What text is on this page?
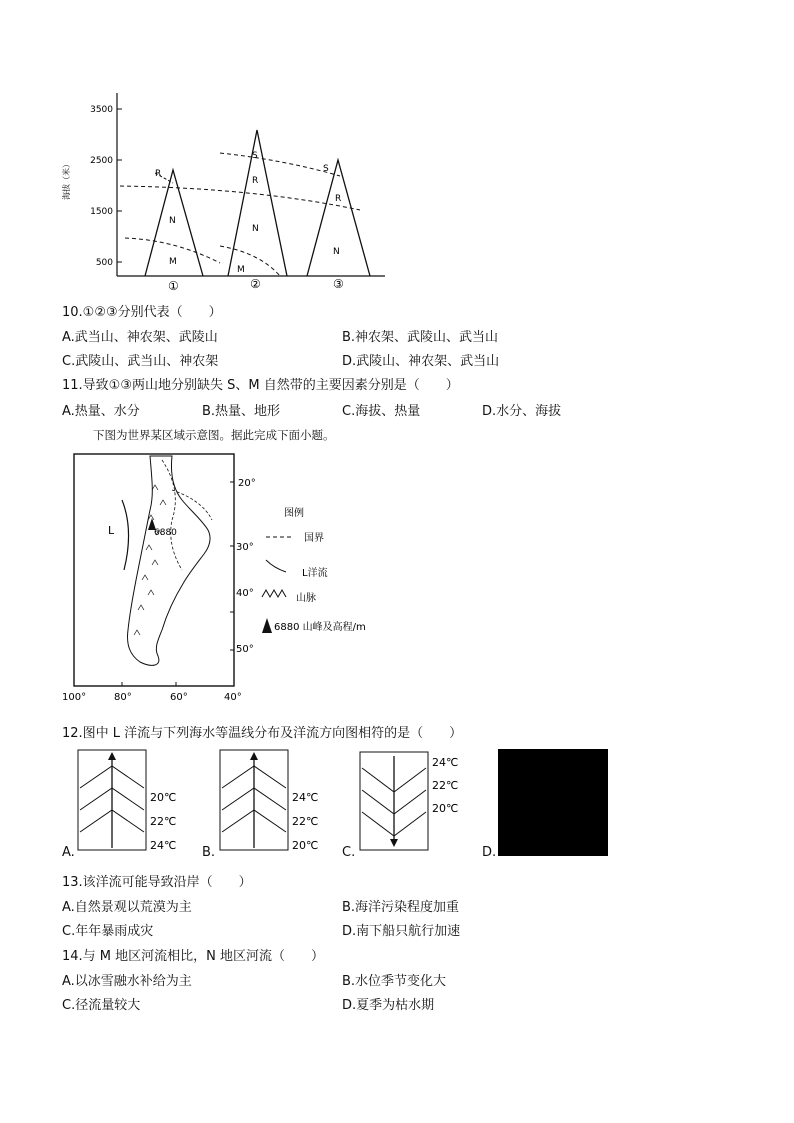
3500
2500
1500
500
海拔（米）	R
N
M
①
S
R
N
M
②
S
R
N
③
10.①②③分别代表（　　）
A.武当山、神农架、武陵山	B.神农架、武陵山、武当山
C.武陵山、武当山、神农架	D.武陵山、神农架、武当山
11.导致①③两山地分别缺失 S、M 自然带的主要因素分别是（　　）
A.热量、水分	B.热量、地形	C.海拔、热量	D.水分、海拔
下图为世界某区域示意图。据此完成下面小题。
L	6880
20°
30°
40°
50°
100°	80°	60°	40°
图例
国界
L洋流
山脉
6880 山峰及高程/m
12.图中 L 洋流与下列海水等温线分布及洋流方向图相符的是（　　）
A.
20℃
22℃
24℃ B.
24℃
22℃
20℃ C.
24℃
22℃
20℃
D.
13.该洋流可能导致沿岸（　　）
A.自然景观以荒漠为主	B.海洋污染程度加重
C.年年暴雨成灾	D.南下船只航行加速
14.与 M 地区河流相比，N 地区河流（　　）
A.以冰雪融水补给为主	B.水位季节变化大
C.径流量较大	D.夏季为枯水期
